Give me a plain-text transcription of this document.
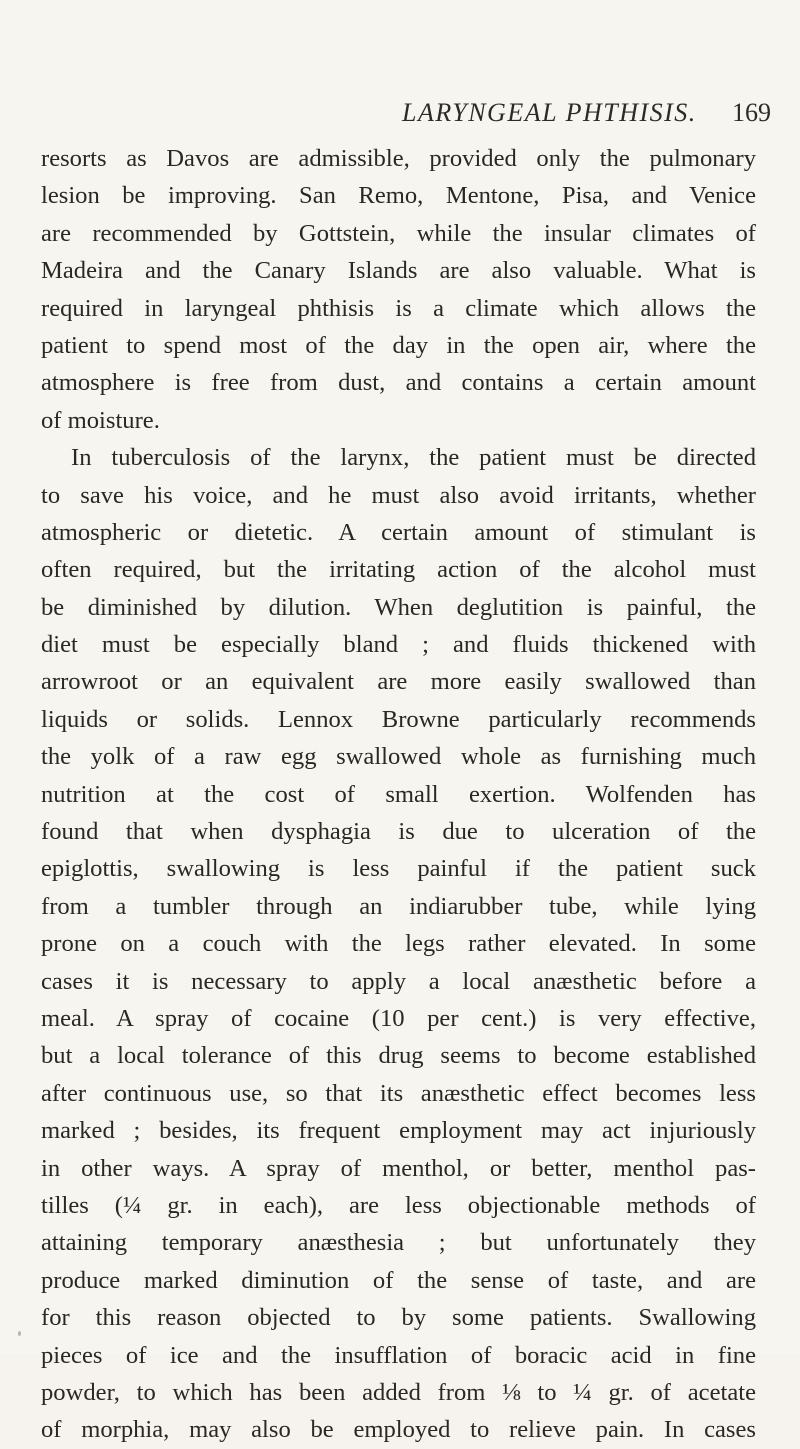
LARYNGEAL PHTHISIS. 169
resorts as Davos are admissible, provided only the pulmonary
lesion be improving. San Remo, Mentone, Pisa, and Venice
are recommended by Gottstein, while the insular climates of
Madeira and the Canary Islands are also valuable. What is
required in laryngeal phthisis is a climate which allows the
patient to spend most of the day in the open air, where the
atmosphere is free from dust, and contains a certain amount
of moisture.
In tuberculosis of the larynx, the patient must be directed
to save his voice, and he must also avoid irritants, whether
atmospheric or dietetic. A certain amount of stimulant is
often required, but the irritating action of the alcohol must
be diminished by dilution. When deglutition is painful, the
diet must be especially bland ; and fluids thickened with
arrowroot or an equivalent are more easily swallowed than
liquids or solids. Lennox Browne particularly recommends
the yolk of a raw egg swallowed whole as furnishing much
nutrition at the cost of small exertion. Wolfenden has
found that when dysphagia is due to ulceration of the
epiglottis, swallowing is less painful if the patient suck
from a tumbler through an indiarubber tube, while lying
prone on a couch with the legs rather elevated. In some
cases it is necessary to apply a local anæsthetic before a
meal. A spray of cocaine (10 per cent.) is very effective,
but a local tolerance of this drug seems to become established
after continuous use, so that its anæsthetic effect becomes less
marked ; besides, its frequent employment may act injuriously
in other ways. A spray of menthol, or better, menthol pas-
tilles (¼ gr. in each), are less objectionable methods of
attaining temporary anæsthesia ; but unfortunately they
produce marked diminution of the sense of taste, and are
for this reason objected to by some patients. Swallowing
pieces of ice and the insufflation of boracic acid in fine
powder, to which has been added from ⅛ to ¼ gr. of acetate
of morphia, may also be employed to relieve pain. In cases
